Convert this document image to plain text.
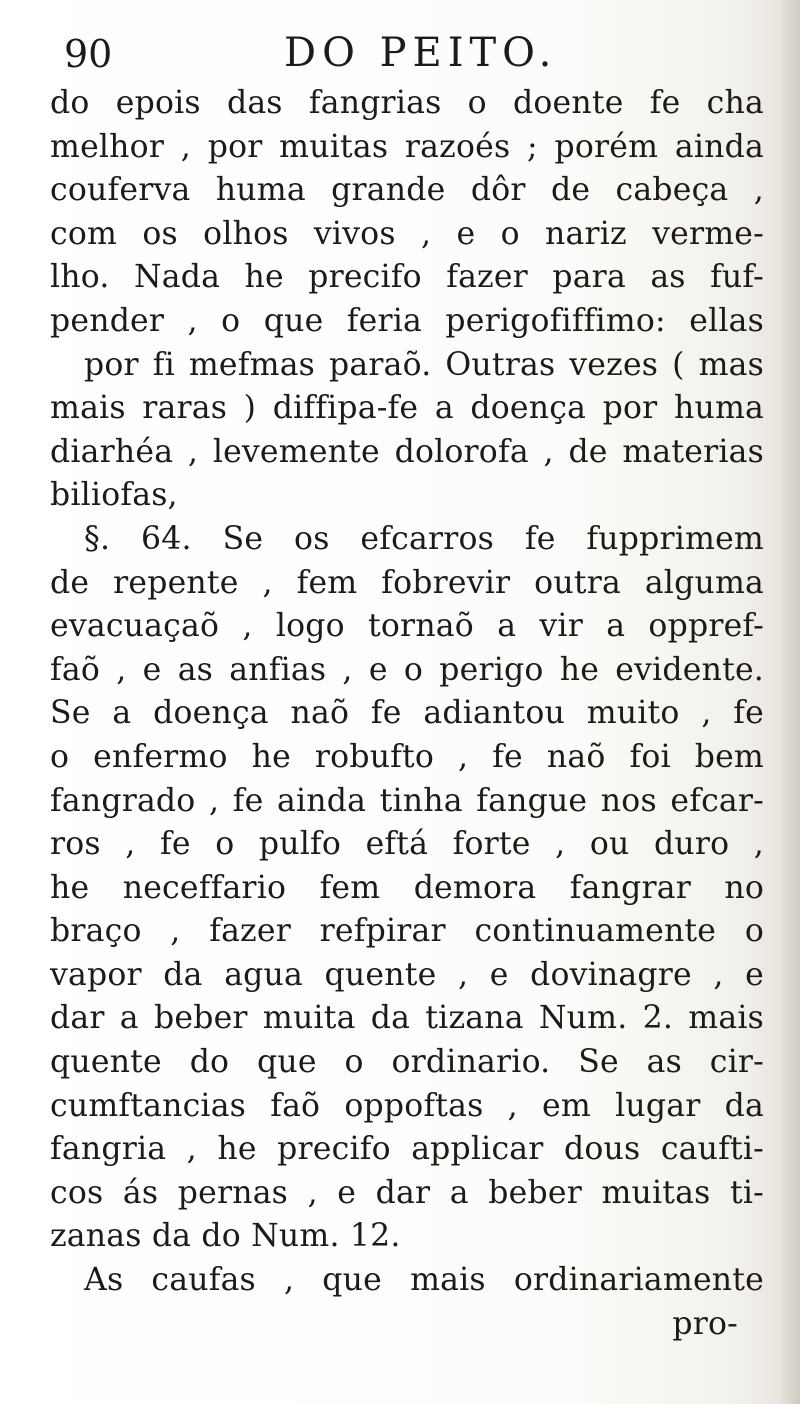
90	DO PEITO.
do epois das fangrias o doente fe cha
melhor , por muitas razoés ; porém ainda
couferva huma grande dôr de cabeça ,
com os olhos vivos , e o nariz verme-
lho. Nada he precifo fazer para as fuf-
pender , o que feria perigofiffimo: ellas
por fi mefmas paraõ. Outras vezes ( mas
mais raras ) diffipa-fe a doença por huma
diarhéa , levemente dolorofa , de materias
biliofas,
§. 64. Se os efcarros fe fupprimem
de repente , fem fobrevir outra alguma
evacuaçaõ , logo tornaõ a vir a oppref-
faõ , e as anfias , e o perigo he evidente.
Se a doença naõ fe adiantou muito , fe
o enfermo he robufto , fe naõ foi bem
fangrado , fe ainda tinha fangue nos efcar-
ros , fe o pulfo eftá forte , ou duro ,
he neceffario fem demora fangrar no
braço , fazer refpirar continuamente o
vapor da agua quente , e dovinagre , e
dar a beber muita da tizana Num. 2. mais
quente do que o ordinario. Se as cir-
cumftancias faõ oppoftas , em lugar da
fangria , he precifo applicar dous caufti-
cos ás pernas , e dar a beber muitas ti-
zanas da do Num. 12.
As caufas , que mais ordinariamente
pro-
